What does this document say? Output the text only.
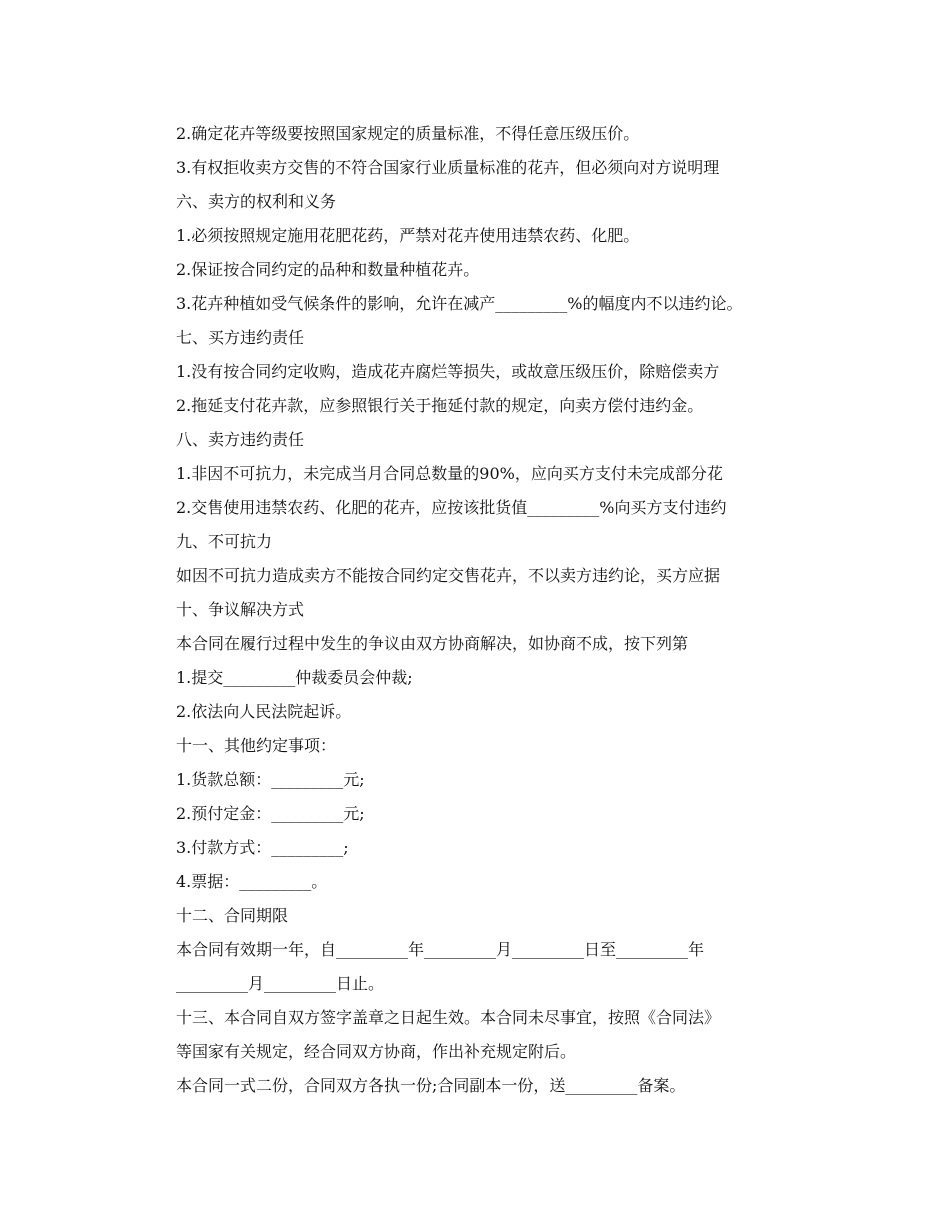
2.确定花卉等级要按照国家规定的质量标准，不得任意压级压价。
3.有权拒收卖方交售的不符合国家行业质量标准的花卉，但必须向对方说明理
六、卖方的权利和义务
1.必须按照规定施用花肥花药，严禁对花卉使用违禁农药、化肥。
2.保证按合同约定的品种和数量种植花卉。
3.花卉种植如受气候条件的影响，允许在减产_________%的幅度内不以违约论。
七、买方违约责任
1.没有按合同约定收购，造成花卉腐烂等损失，或故意压级压价，除赔偿卖方
2.拖延支付花卉款，应参照银行关于拖延付款的规定，向卖方偿付违约金。
八、卖方违约责任
1.非因不可抗力，未完成当月合同总数量的90%，应向买方支付未完成部分花
2.交售使用违禁农药、化肥的花卉，应按该批货值_________%向买方支付违约
九、不可抗力
如因不可抗力造成卖方不能按合同约定交售花卉，不以卖方违约论，买方应据
十、争议解决方式
本合同在履行过程中发生的争议由双方协商解决，如协商不成，按下列第
1.提交_________仲裁委员会仲裁;
2.依法向人民法院起诉。
十一、其他约定事项：
1.货款总额：_________元;
2.预付定金：_________元;
3.付款方式：_________;
4.票据：_________。
十二、合同期限
本合同有效期一年，自_________年_________月_________日至_________年
_________月_________日止。
十三、本合同自双方签字盖章之日起生效。本合同未尽事宜，按照《合同法》
等国家有关规定，经合同双方协商，作出补充规定附后。
本合同一式二份，合同双方各执一份;合同副本一份，送_________备案。
